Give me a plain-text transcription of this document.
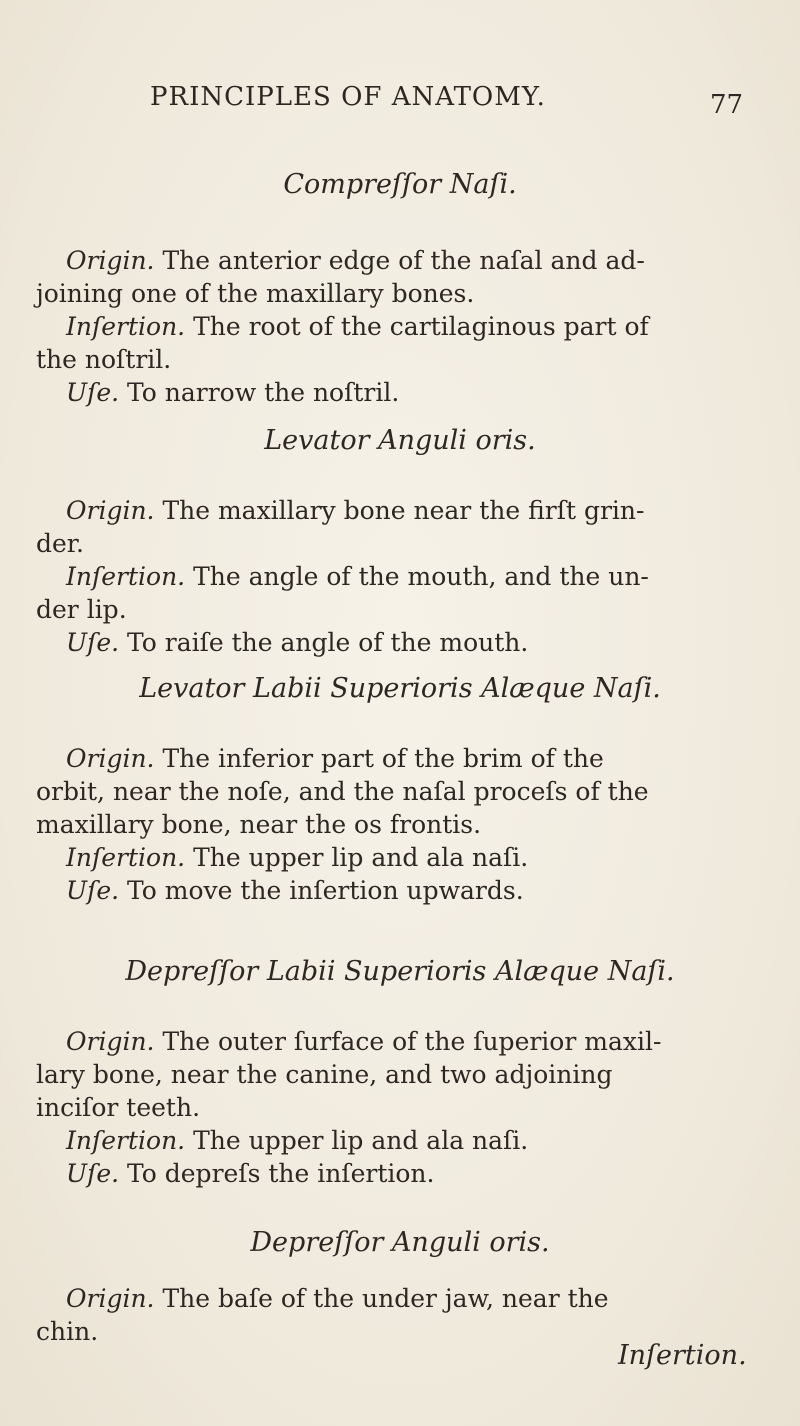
PRINCIPLES OF ANATOMY.	77

Compreſſor Naſi.

Origin. The anterior edge of the naſal and ad-

joining one of the maxillary bones.

Inſertion. The root of the cartilaginous part of

the noſtril.

Uſe. To narrow the noſtril.

Levator Anguli oris.

Origin. The maxillary bone near the firſt grin-

der.

Inſertion. The angle of the mouth, and the un-

der lip.

Uſe. To raiſe the angle of the mouth.

Levator Labii Superioris Alæque Naſi.

Origin. The inferior part of the brim of the

orbit, near the noſe, and the naſal proceſs of the

maxillary bone, near the os frontis.

Inſertion. The upper lip and ala naſi.

Uſe. To move the inſertion upwards.

Depreſſor Labii Superioris Alæque Naſi.

Origin. The outer ſurface of the ſuperior maxil-

lary bone, near the canine, and two adjoining

inciſor teeth.

Inſertion. The upper lip and ala naſi.

Uſe. To depreſs the inſertion.

Depreſſor Anguli oris.

Origin. The baſe of the under jaw, near the

chin.

Inſertion.
